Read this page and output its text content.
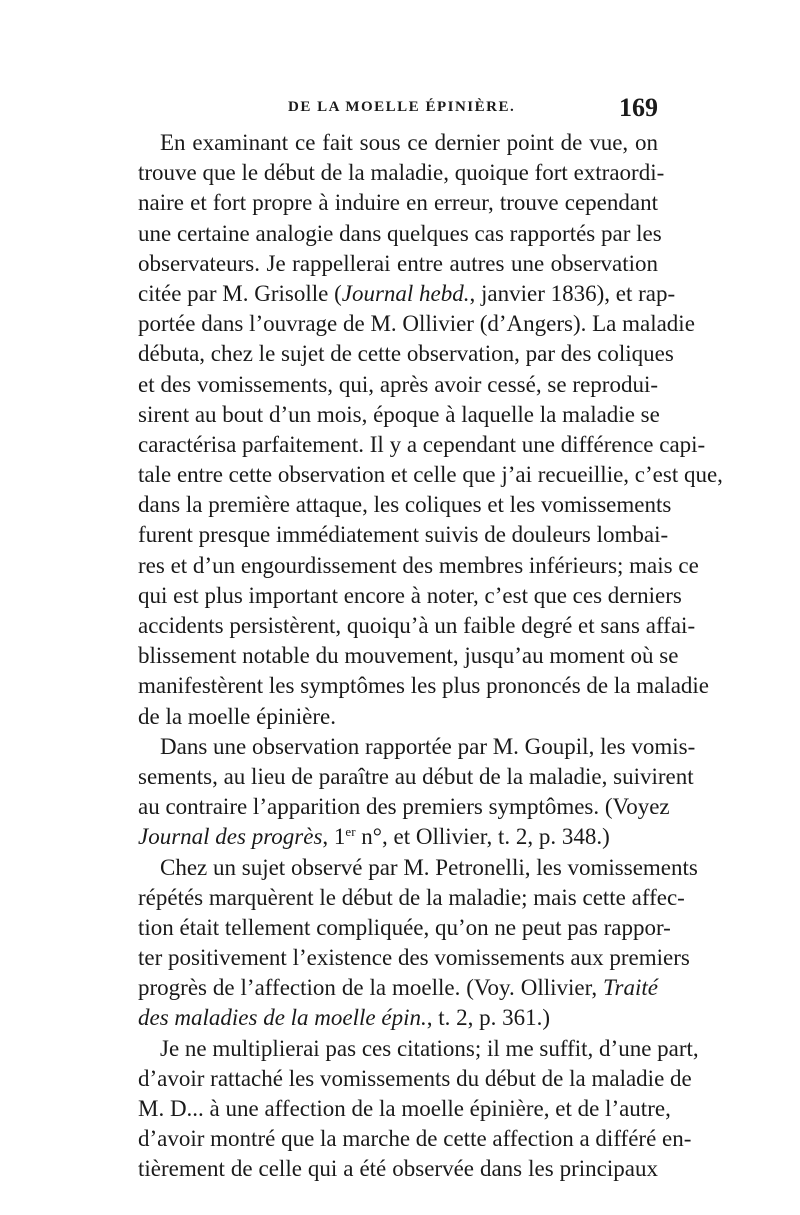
DE LA MOELLE ÉPINIÈRE.	169
En examinant ce fait sous ce dernier point de vue, on
trouve que le début de la maladie, quoique fort extraordi-
naire et fort propre à induire en erreur, trouve cependant
une certaine analogie dans quelques cas rapportés par les
observateurs. Je rappellerai entre autres une observation
citée par M. Grisolle (Journal hebd., janvier 1836), et rap-
portée dans l’ouvrage de M. Ollivier (d’Angers). La maladie
débuta, chez le sujet de cette observation, par des coliques
et des vomissements, qui, après avoir cessé, se reprodui-
sirent au bout d’un mois, époque à laquelle la maladie se
caractérisa parfaitement. Il y a cependant une différence capi-
tale entre cette observation et celle que j’ai recueillie, c’est que,
dans la première attaque, les coliques et les vomissements
furent presque immédiatement suivis de douleurs lombai-
res et d’un engourdissement des membres inférieurs; mais ce
qui est plus important encore à noter, c’est que ces derniers
accidents persistèrent, quoiqu’à un faible degré et sans affai-
blissement notable du mouvement, jusqu’au moment où se
manifestèrent les symptômes les plus prononcés de la maladie
de la moelle épinière.
Dans une observation rapportée par M. Goupil, les vomis-
sements, au lieu de paraître au début de la maladie, suivirent
au contraire l’apparition des premiers symptômes. (Voyez
Journal des progrès, 1er n°, et Ollivier, t. 2, p. 348.)
Chez un sujet observé par M. Petronelli, les vomissements
répétés marquèrent le début de la maladie; mais cette affec-
tion était tellement compliquée, qu’on ne peut pas rappor-
ter positivement l’existence des vomissements aux premiers
progrès de l’affection de la moelle. (Voy. Ollivier, Traité
des maladies de la moelle épin., t. 2, p. 361.)
Je ne multiplierai pas ces citations; il me suffit, d’une part,
d’avoir rattaché les vomissements du début de la maladie de
M. D... à une affection de la moelle épinière, et de l’autre,
d’avoir montré que la marche de cette affection a différé en-
tièrement de celle qui a été observée dans les principaux
